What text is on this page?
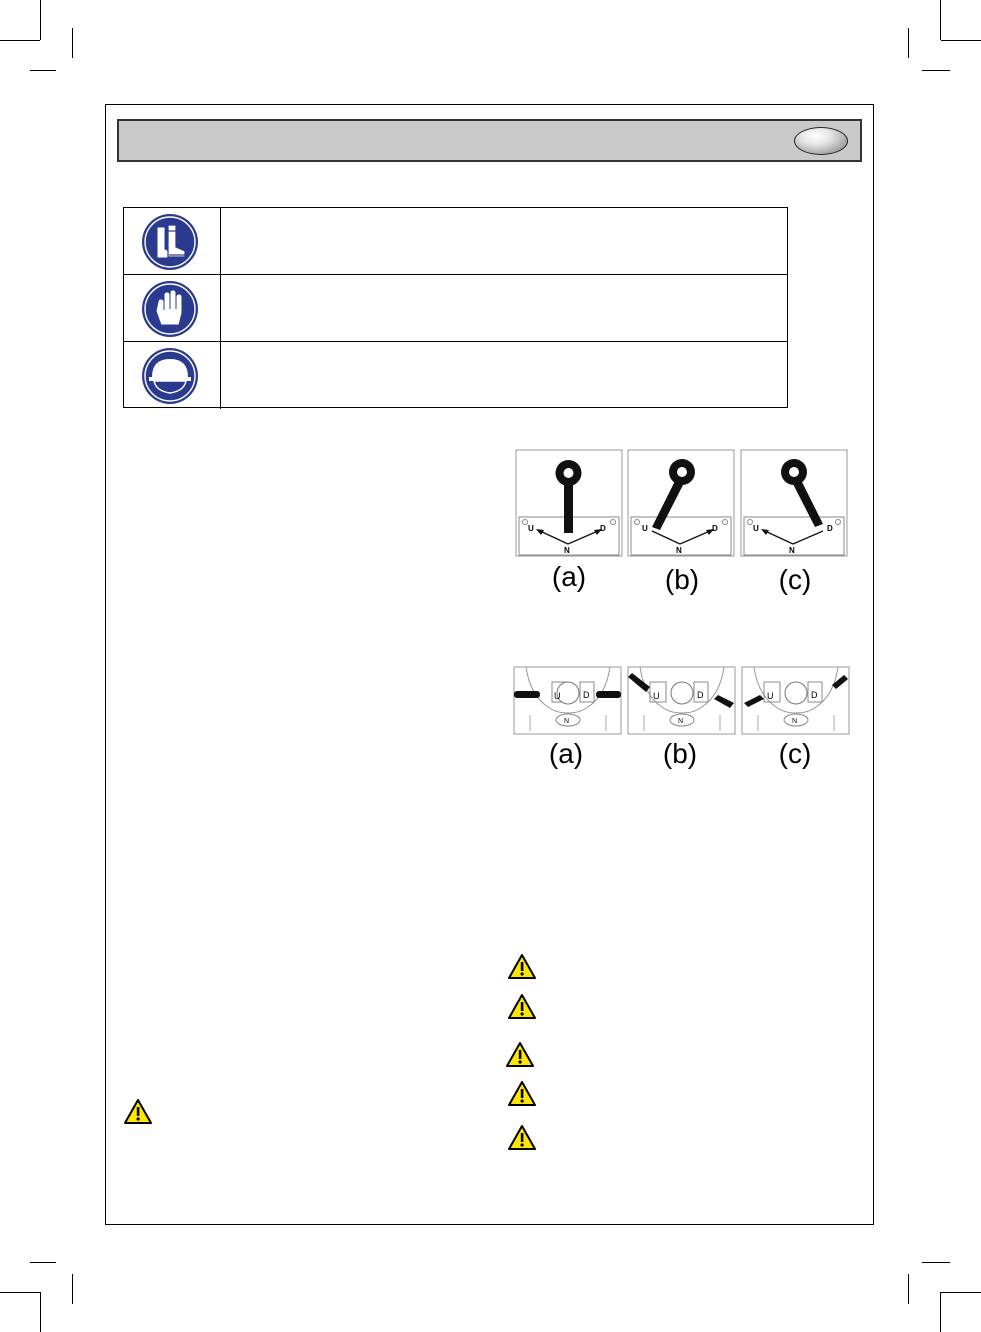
U
N
D	U
N
D	U
N
D
(a)	(b)	(c)
U	D
N
U	D
N
U	D
N
(a)	(b)	(c)
